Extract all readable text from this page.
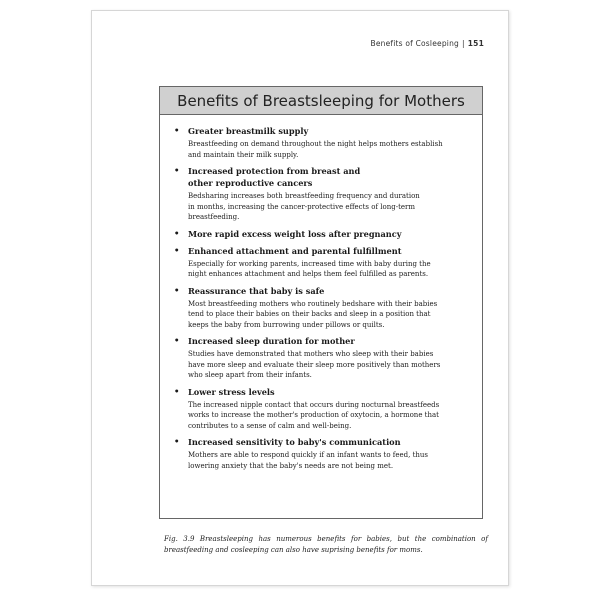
Benefits of Cosleeping | 151
Benefits of Breastsleeping for Mothers
• Greater breastmilk supply
Breastfeeding on demand throughout the night helps mothers establish
and maintain their milk supply.
• Increased protection from breast and
other reproductive cancers
Bedsharing increases both breastfeeding frequency and duration
in months, increasing the cancer-protective effects of long-term
breastfeeding.
• More rapid excess weight loss after pregnancy
• Enhanced attachment and parental fulfillment
Especially for working parents, increased time with baby during the
night enhances attachment and helps them feel fulfilled as parents.
• Reassurance that baby is safe
Most breastfeeding mothers who routinely bedshare with their babies
tend to place their babies on their backs and sleep in a position that
keeps the baby from burrowing under pillows or quilts.
• Increased sleep duration for mother
Studies have demonstrated that mothers who sleep with their babies
have more sleep and evaluate their sleep more positively than mothers
who sleep apart from their infants.
• Lower stress levels
The increased nipple contact that occurs during nocturnal breastfeeds
works to increase the mother's production of oxytocin, a hormone that
contributes to a sense of calm and well-being.
• Increased sensitivity to baby's communication
Mothers are able to respond quickly if an infant wants to feed, thus
lowering anxiety that the baby's needs are not being met.

Fig. 3.9 Breastsleeping has numerous benefits for babies, but the combination of breastfeeding and cosleeping can also have suprising benefits for moms.
